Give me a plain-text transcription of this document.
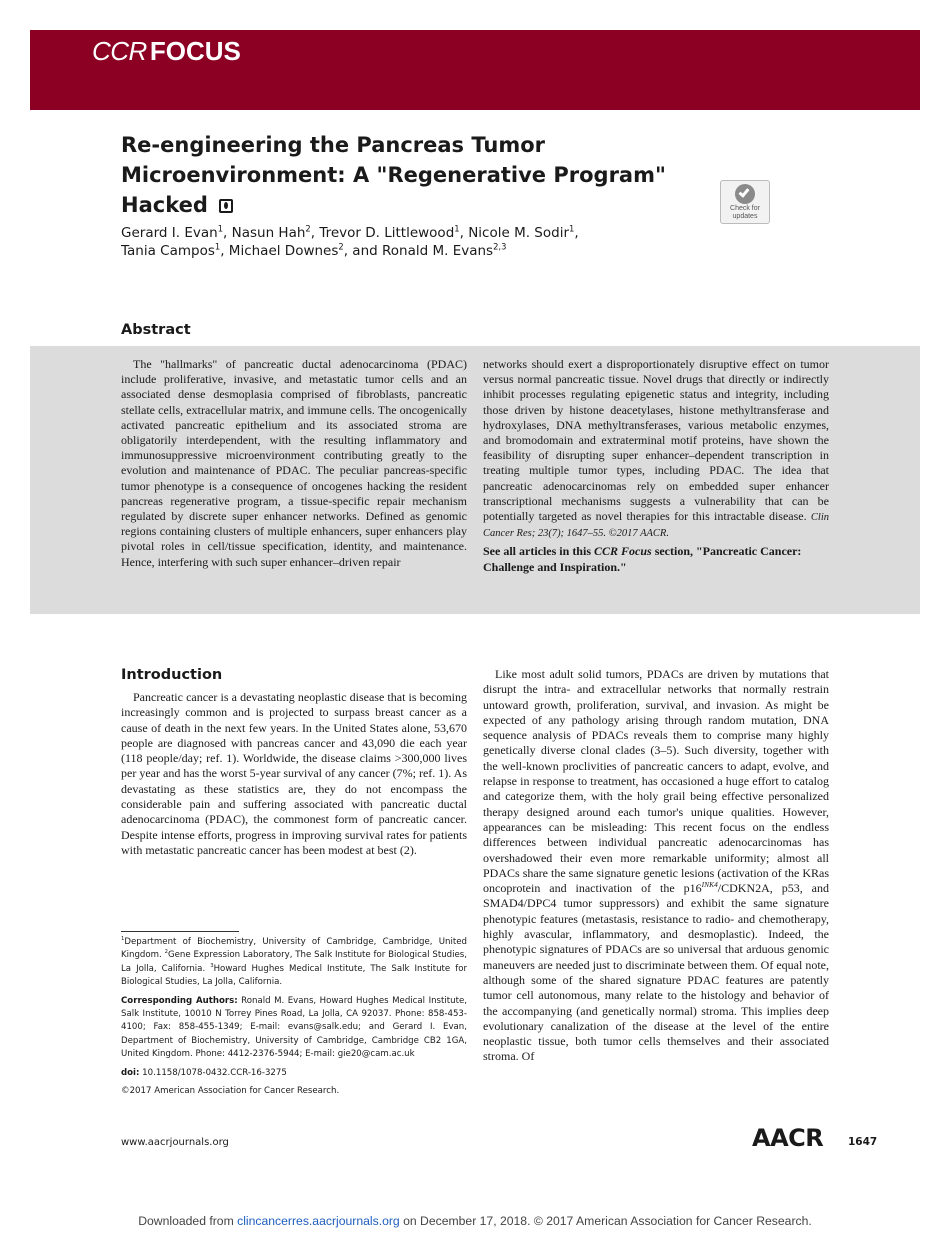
CCR FOCUS
Re-engineering the Pancreas Tumor Microenvironment: A "Regenerative Program" Hacked	Check for
updates
Gerard I. Evan$^1$, Nasun Hah$^2$, Trevor D. Littlewood$^1$, Nicole M. Sodir$^1$,
Tania Campos$^1$, Michael Downes$^2$, and Ronald M. Evans$^{2,3}$
Abstract
The "hallmarks" of pancreatic ductal adenocarcinoma (PDAC) include proliferative, invasive, and metastatic tumor cells and an associated dense desmoplasia comprised of fibroblasts, pancreatic stellate cells, extracellular matrix, and immune cells. The oncogenically activated pancreatic epithelium and its associated stroma are obligatorily interdependent, with the resulting inflammatory and immunosuppressive microenvironment contributing greatly to the evolution and maintenance of PDAC. The peculiar pancreas-specific tumor phenotype is a consequence of oncogenes hacking the resident pancreas regenerative program, a tissue-specific repair mechanism regulated by discrete super enhancer networks. Defined as genomic regions containing clusters of multiple enhancers, super enhancers play pivotal roles in cell/tissue specification, identity, and maintenance. Hence, interfering with such super enhancer–driven repair
networks should exert a disproportionately disruptive effect on tumor versus normal pancreatic tissue. Novel drugs that directly or indirectly inhibit processes regulating epigenetic status and integrity, including those driven by histone deacetylases, histone methyltransferase and hydroxylases, DNA methyltransferases, various metabolic enzymes, and bromodomain and extraterminal motif proteins, have shown the feasibility of disrupting super enhancer–dependent transcription in treating multiple tumor types, including PDAC. The idea that pancreatic adenocarcinomas rely on embedded super enhancer transcriptional mechanisms suggests a vulnerability that can be potentially targeted as novel therapies for this intractable disease. Clin Cancer Res; 23(7); 1647–55. ©2017 AACR.
See all articles in this CCR Focus section, "Pancreatic Cancer: Challenge and Inspiration."
Introduction
Pancreatic cancer is a devastating neoplastic disease that is becoming increasingly common and is projected to surpass breast cancer as a cause of death in the next few years. In the United States alone, 53,670 people are diagnosed with pancreas cancer and 43,090 die each year (118 people/day; ref. 1). Worldwide, the disease claims >300,000 lives per year and has the worst 5-year survival of any cancer (7%; ref. 1). As devastating as these statistics are, they do not encompass the considerable pain and suffering associated with pancreatic ductal adenocarcinoma (PDAC), the commonest form of pancreatic cancer. Despite intense efforts, progress in improving survival rates for patients with metastatic pancreatic cancer has been modest at best (2).
Like most adult solid tumors, PDACs are driven by mutations that disrupt the intra- and extracellular networks that normally restrain untoward growth, proliferation, survival, and invasion. As might be expected of any pathology arising through random mutation, DNA sequence analysis of PDACs reveals them to comprise many highly genetically diverse clonal clades (3–5). Such diversity, together with the well-known proclivities of pancreatic cancers to adapt, evolve, and relapse in response to treatment, has occasioned a huge effort to catalog and categorize them, with the holy grail being effective personalized therapy designed around each tumor's unique qualities. However, appearances can be misleading: This recent focus on the endless differences between individual pancreatic adenocarcinomas has overshadowed their even more remarkable uniformity; almost all PDACs share the same signature genetic lesions (activation of the KRas oncoprotein and inactivation of the $p16^{INK4}/CDKN2A$, p53, and SMAD4/DPC4 tumor suppressors) and exhibit the same signature phenotypic features (metastasis, resistance to radio- and chemotherapy, highly avascular, inflammatory, and desmoplastic). Indeed, the phenotypic signatures of PDACs are so universal that arduous genomic maneuvers are needed just to discriminate between them. Of equal note, although some of the shared signature PDAC features are patently tumor cell autonomous, many relate to the histology and behavior of the accompanying (and genetically normal) stroma. This implies deep evolutionary canalization of the disease at the level of the entire neoplastic tissue, both tumor cells themselves and their associated stroma. Of

$^1$Department of Biochemistry, University of Cambridge, Cambridge, United Kingdom. $^2$Gene Expression Laboratory, The Salk Institute for Biological Studies, La Jolla, California. $^3$Howard Hughes Medical Institute, The Salk Institute for Biological Studies, La Jolla, California.

Corresponding Authors: Ronald M. Evans, Howard Hughes Medical Institute, Salk Institute, 10010 N Torrey Pines Road, La Jolla, CA 92037. Phone: 858-453-4100; Fax: 858-455-1349; E-mail: evans@salk.edu; and Gerard I. Evan, Department of Biochemistry, University of Cambridge, Cambridge CB2 1GA, United Kingdom. Phone: 4412-2376-5944; E-mail: gie20@cam.ac.uk

doi: 10.1158/1078-0432.CCR-16-3275

©2017 American Association for Cancer Research.

www.aacrjournals.org	AACR 1647
Downloaded from clincancerres.aacrjournals.org on December 17, 2018. © 2017 American Association for Cancer Research.
